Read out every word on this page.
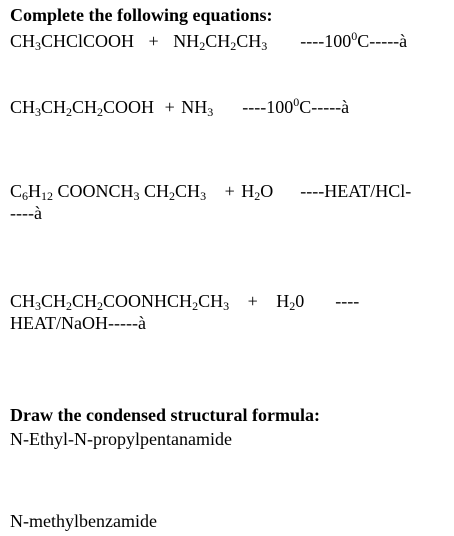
Complete the following equations:
$CH_3CHClCOOH + NH_2CH_2CH_3$ $----100^0C-----à$
$CH_3CH_2CH_2COOH + NH_3$ $----100^0C-----à$
$C_6H_{12}$ $COONCH_3$ $CH_2CH_3 + H_2O$ ----HEAT/HCl-
----à
$CH_3CH_2CH_2COONHCH_2CH_3 + H_20$ ----
HEAT/NaOH-----à
Draw the condensed structural formula:
N-Ethyl-N-propylpentanamide
N-methylbenzamide
